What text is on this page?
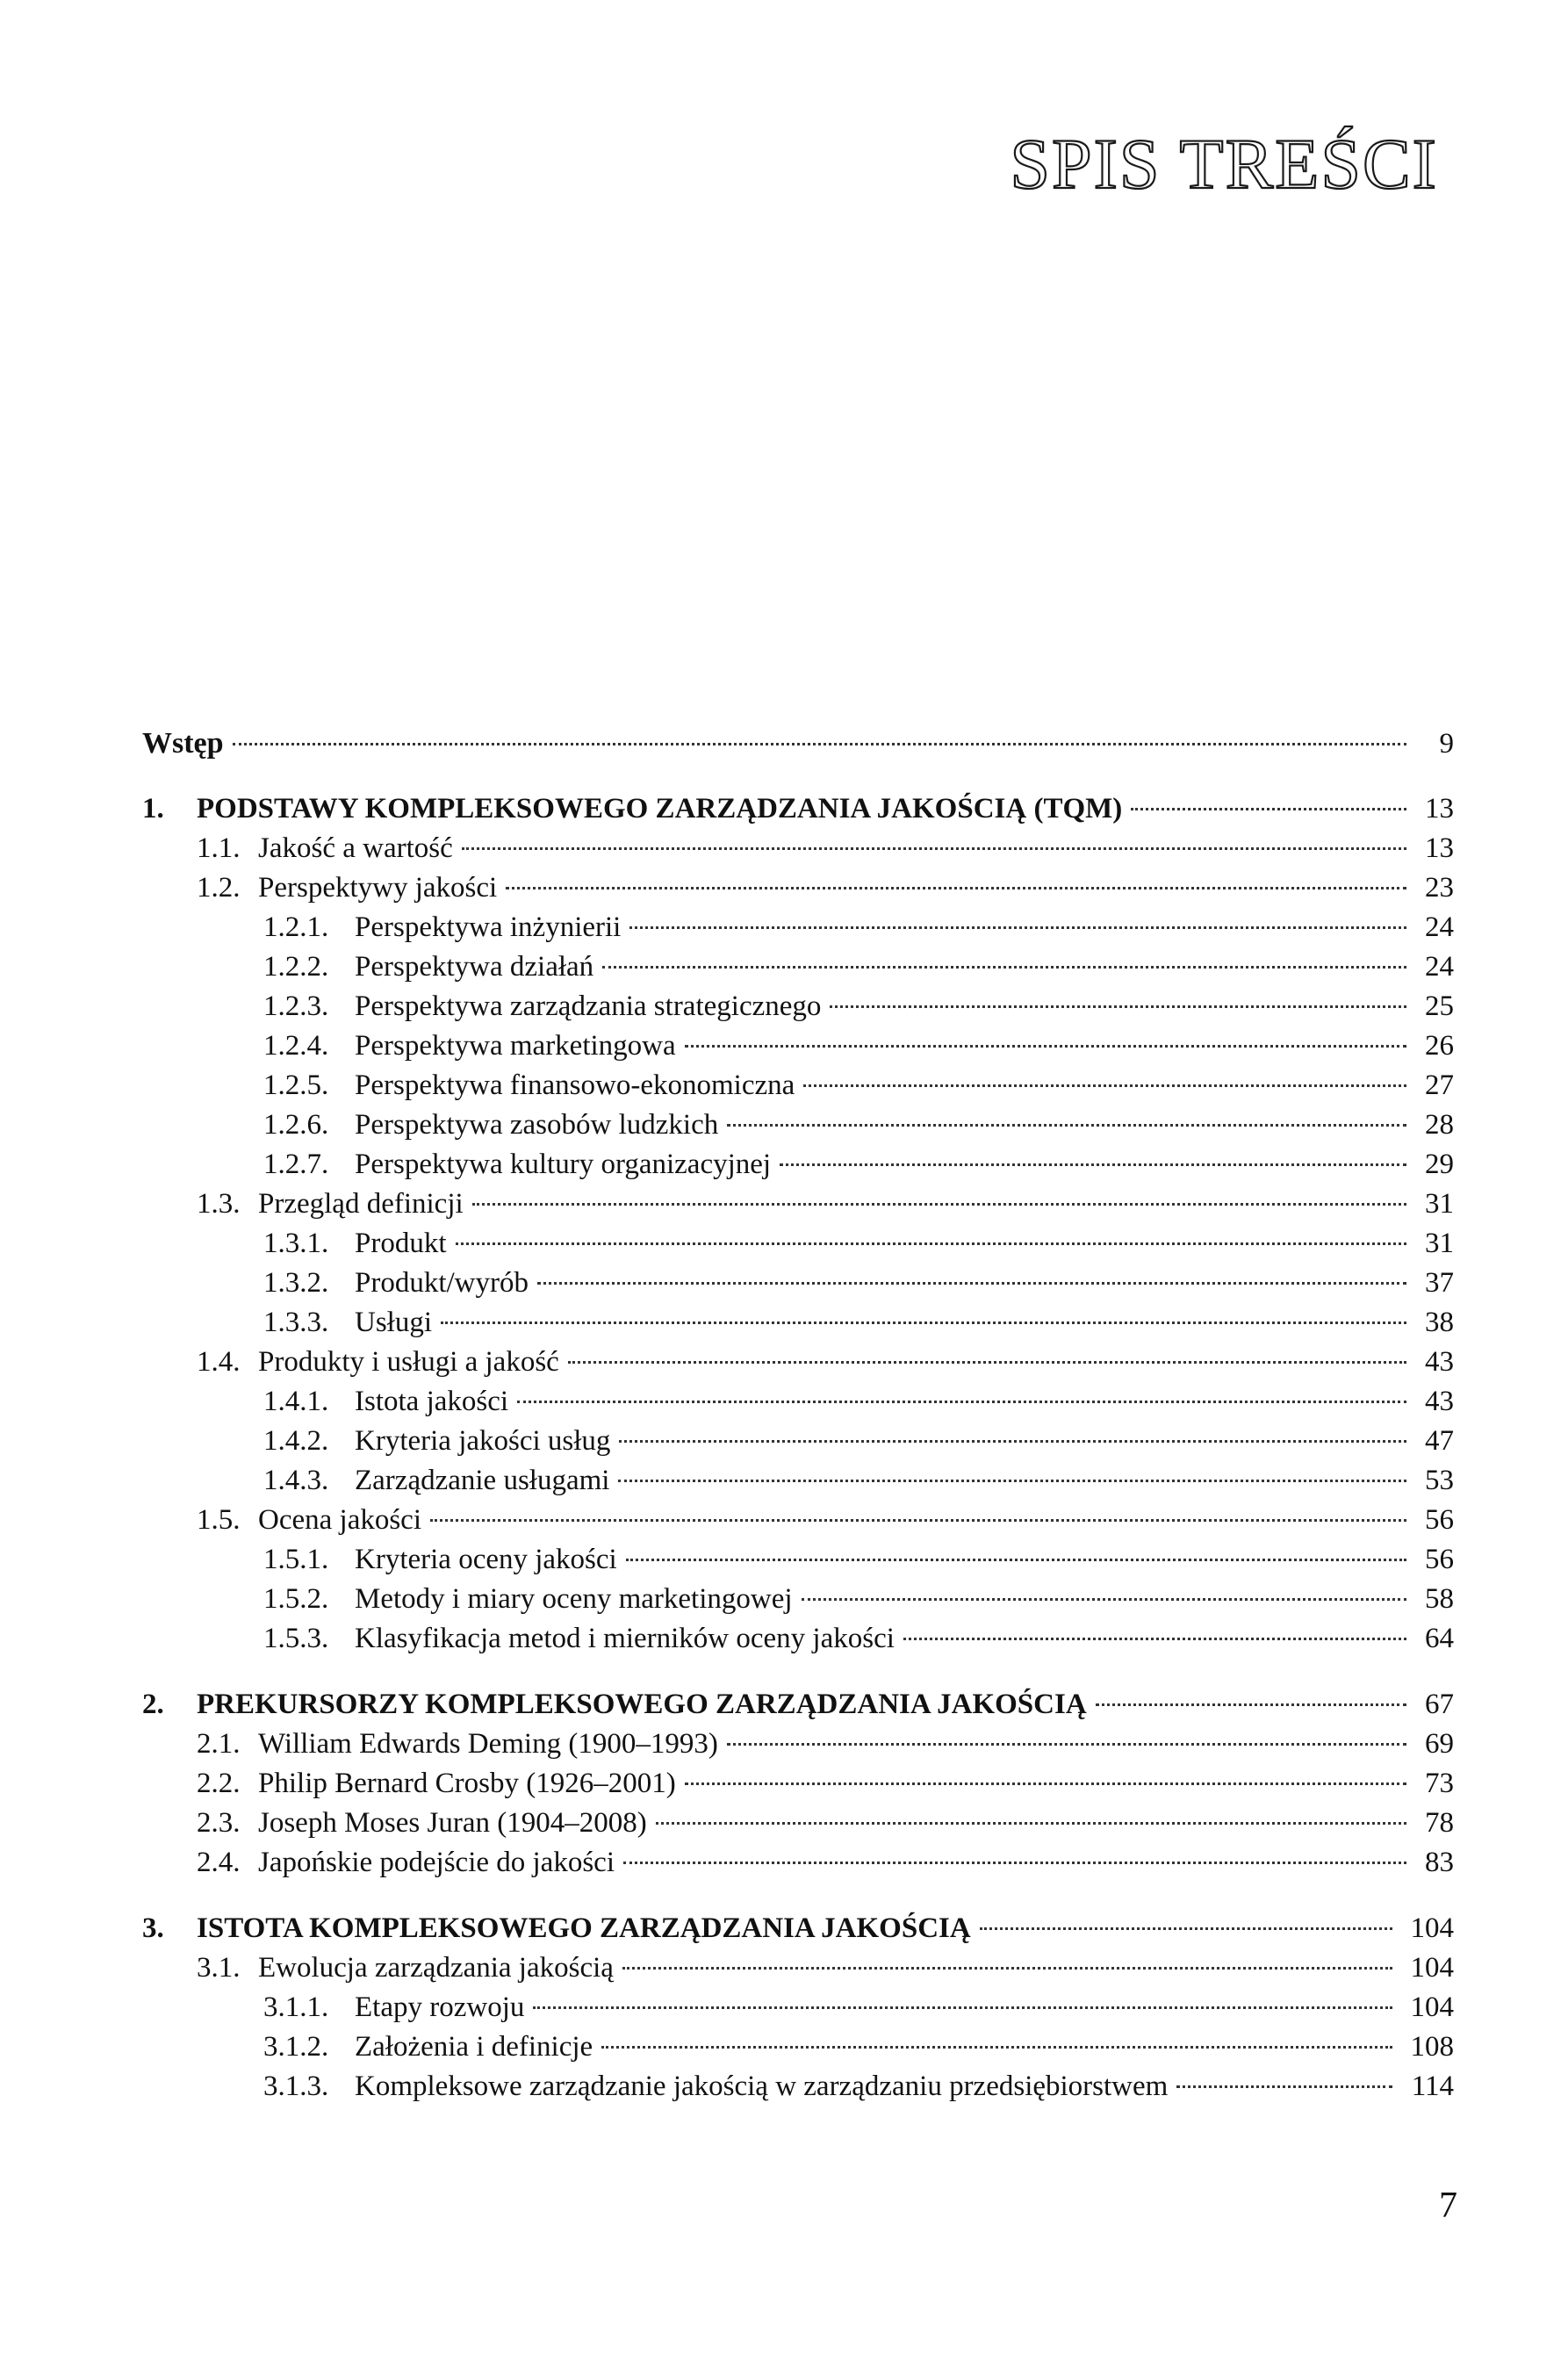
SPIS TREŚCI
Wstęp	9
1.	PODSTAWY KOMPLEKSOWEGO ZARZĄDZANIA JAKOŚCIĄ (TQM)	13
1.1. Jakość a wartość	13
1.2. Perspektywy jakości	23
1.2.1. Perspektywa inżynierii	24
1.2.2. Perspektywa działań	24
1.2.3. Perspektywa zarządzania strategicznego	25
1.2.4. Perspektywa marketingowa	26
1.2.5. Perspektywa finansowo-ekonomiczna	27
1.2.6. Perspektywa zasobów ludzkich	28
1.2.7. Perspektywa kultury organizacyjnej	29
1.3. Przegląd definicji	31
1.3.1. Produkt	31
1.3.2. Produkt/wyrób	37
1.3.3. Usługi	38
1.4. Produkty i usługi a jakość	43
1.4.1. Istota jakości	43
1.4.2. Kryteria jakości usług	47
1.4.3. Zarządzanie usługami	53
1.5. Ocena jakości	56
1.5.1. Kryteria oceny jakości	56
1.5.2. Metody i miary oceny marketingowej	58
1.5.3. Klasyfikacja metod i mierników oceny jakości	64
2.	PREKURSORZY KOMPLEKSOWEGO ZARZĄDZANIA JAKOŚCIĄ	67
2.1. William Edwards Deming (1900–1993)	69
2.2. Philip Bernard Crosby (1926–2001)	73
2.3. Joseph Moses Juran (1904–2008)	78
2.4. Japońskie podejście do jakości	83
3.	ISTOTA KOMPLEKSOWEGO ZARZĄDZANIA JAKOŚCIĄ	104
3.1. Ewolucja zarządzania jakością	104
3.1.1. Etapy rozwoju	104
3.1.2. Założenia i definicje	108
3.1.3. Kompleksowe zarządzanie jakością w zarządzaniu przedsiębiorstwem	114
7
